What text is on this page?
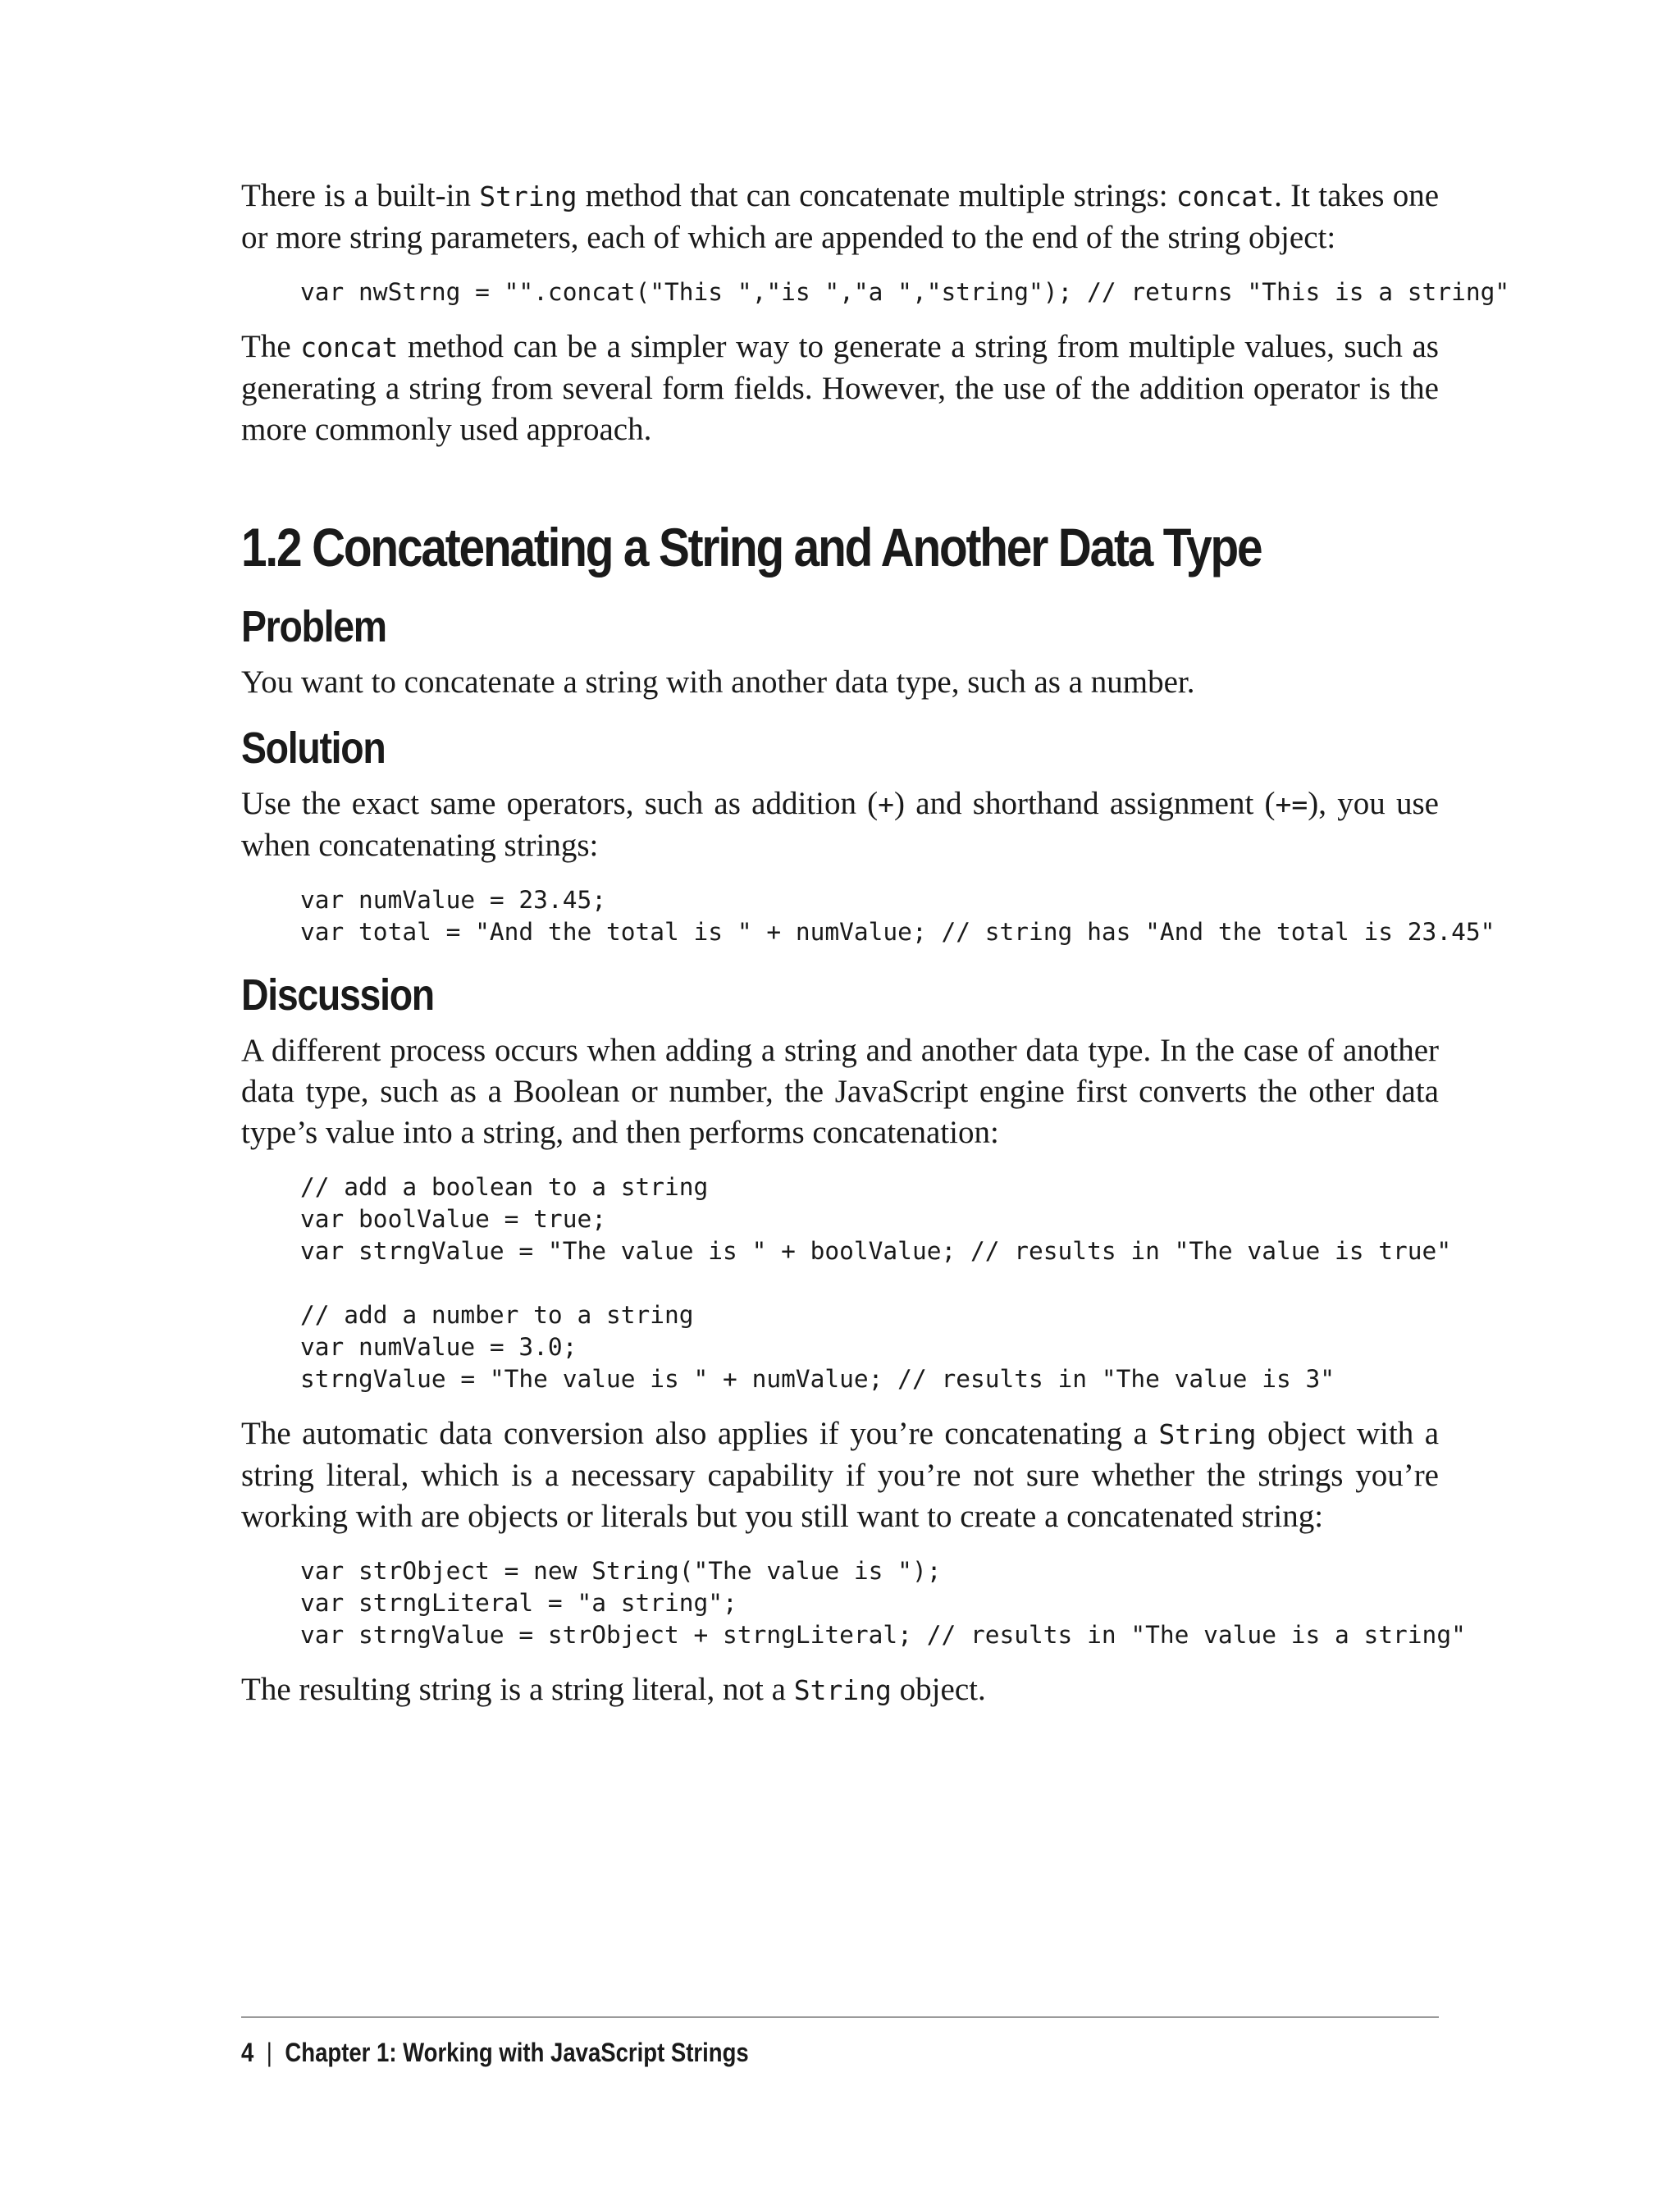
There is a built-in String method that can concatenate multiple strings: concat. It takes one or more string parameters, each of which are appended to the end of the string object:

var nwStrng = "".concat("This ","is ","a ","string"); // returns "This is a string"

The concat method can be a simpler way to generate a string from multiple values, such as generating a string from several form fields. However, the use of the addition operator is the more commonly used approach.

1.2 Concatenating a String and Another Data Type
Problem

You want to concatenate a string with another data type, such as a number.

Solution

Use the exact same operators, such as addition (+) and shorthand assignment (+=), you use when concatenating strings:

var numValue = 23.45;
var total = "And the total is " + numValue; // string has "And the total is 23.45"
Discussion

A different process occurs when adding a string and another data type. In the case of another data type, such as a Boolean or number, the JavaScript engine first converts the other data type’s value into a string, and then performs concatenation:

// add a boolean to a string
var boolValue = true;
var strngValue = "The value is " + boolValue; // results in "The value is true"

// add a number to a string
var numValue = 3.0;
strngValue = "The value is " + numValue; // results in "The value is 3"

The automatic data conversion also applies if you’re concatenating a String object with a string literal, which is a necessary capability if you’re not sure whether the strings you’re working with are objects or literals but you still want to create a concatenated string:

var strObject = new String("The value is ");
var strngLiteral = "a string";
var strngValue = strObject + strngLiteral; // results in "The value is a string"

The resulting string is a string literal, not a String object.

4 | Chapter 1: Working with JavaScript Strings
